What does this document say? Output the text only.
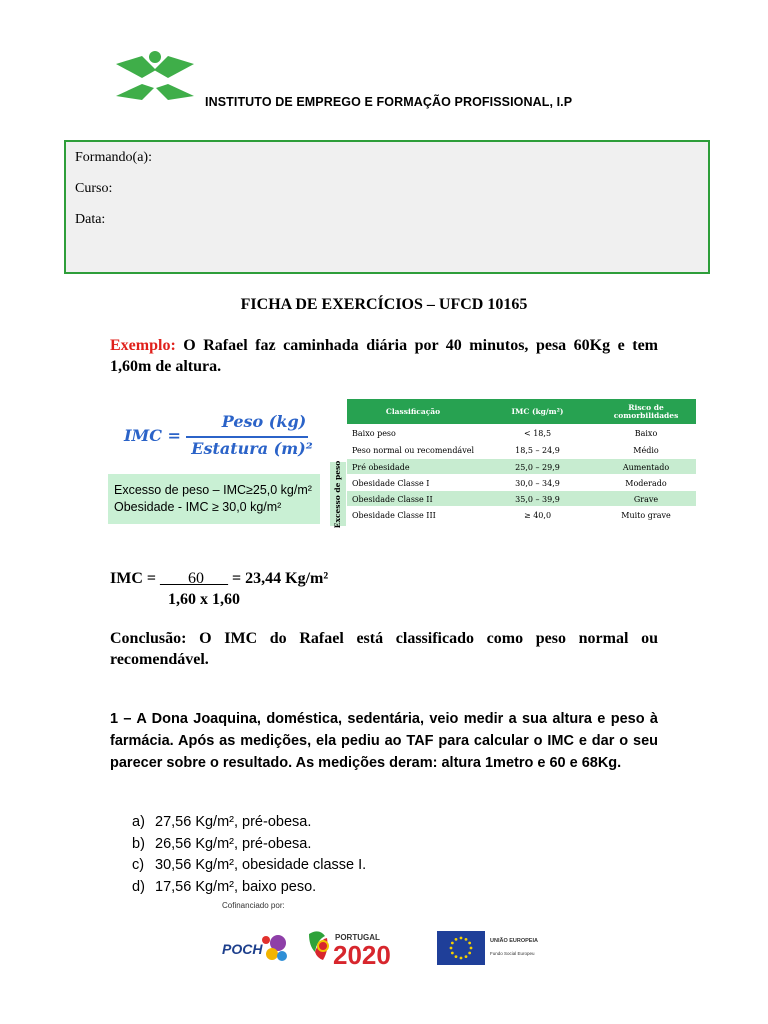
INSTITUTO DE EMPREGO E FORMAÇÃO PROFISSIONAL, I.P
Formando(a):
Curso:
Data:
FICHA DE EXERCÍCIOS – UFCD 10165
Exemplo: O Rafael faz caminhada diária por 40 minutos, pesa 60Kg e tem 1,60m de altura.
IMC =
Peso (kg)
Estatura (m)²
Excesso de peso – IMC≥25,0 kg/m²
Obesidade - IMC ≥ 30,0 kg/m²	Excesso de peso
Classificação	IMC (kg/m²)	Risco de comorbilidades
Baixo peso	< 18,5	Baixo
Peso normal ou recomendável	18,5 – 24,9	Médio
Pré obesidade	25,0 – 29,9	Aumentado
Obesidade Classe I	30,0 – 34,9	Moderado
Obesidade Classe II	35,0 – 39,9	Grave
Obesidade Classe III	≥ 40,0	Muito grave
IMC = ___ 60___ = 23,44 Kg/m²
1,60 x 1,60
Conclusão: O IMC do Rafael está classificado como peso normal ou recomendável.
1 – A Dona Joaquina, doméstica, sedentária, veio medir a sua altura e peso à farmácia. Após as medições, ela pediu ao TAF para calcular o IMC e dar o seu parecer sobre o resultado. As medições deram: altura 1metro e 60 e 68Kg.
a) 27,56 Kg/m², pré-obesa.
b) 26,56 Kg/m², pré-obesa.
c) 30,56 Kg/m², obesidade classe I.
d) 17,56 Kg/m², baixo peso.
Cofinanciado por:
POCH
PORTUGAL
2020	UNIÃO EUROPEIA
Fundo Social Europeu
